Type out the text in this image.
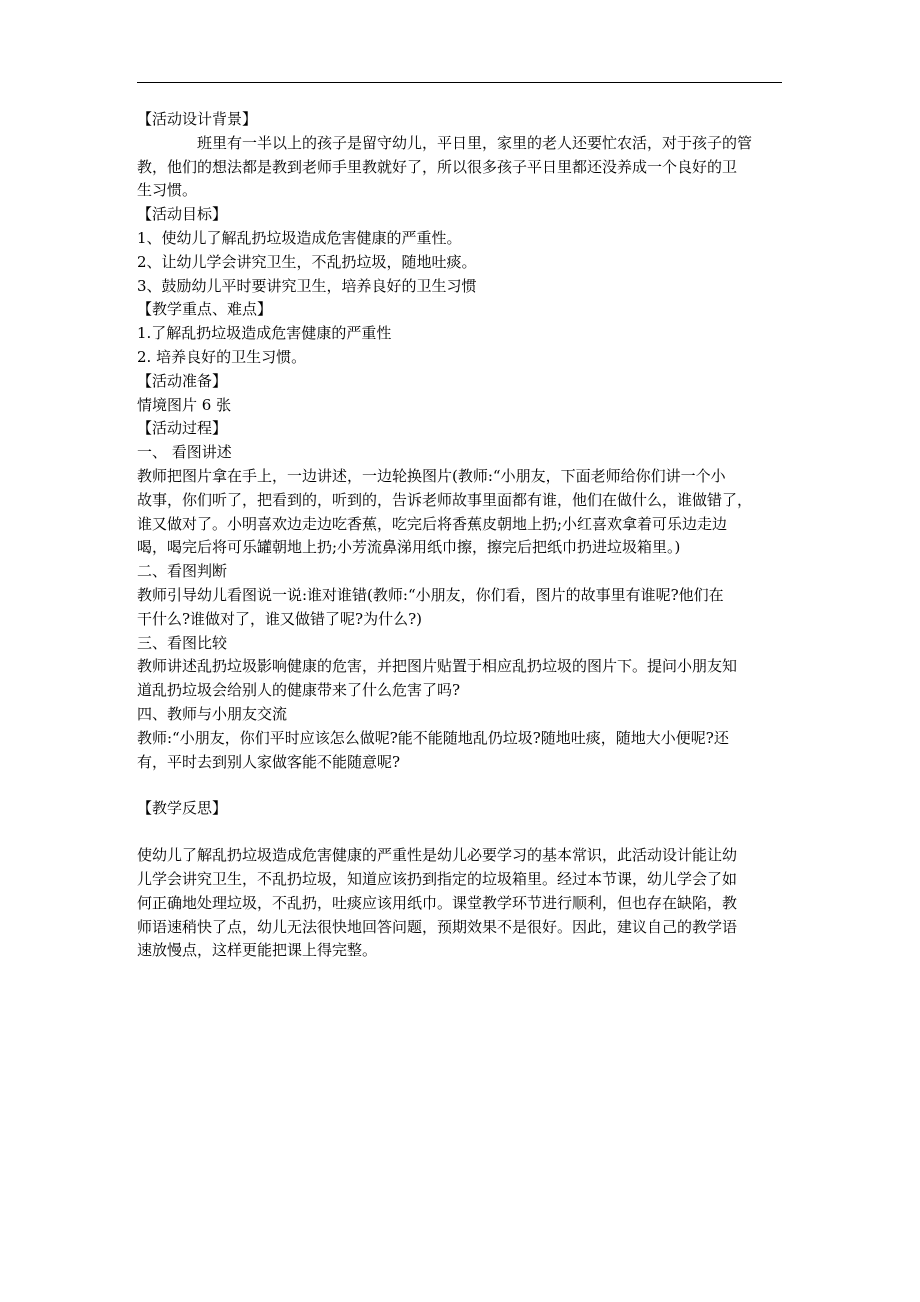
【活动设计背景】
班里有一半以上的孩子是留守幼儿，平日里，家里的老人还要忙农活，对于孩子的管
教，他们的想法都是教到老师手里教就好了，所以很多孩子平日里都还没养成一个良好的卫
生习惯。
【活动目标】
1、使幼儿了解乱扔垃圾造成危害健康的严重性。
2、让幼儿学会讲究卫生，不乱扔垃圾，随地吐痰。
3、鼓励幼儿平时要讲究卫生，培养良好的卫生习惯
【教学重点、难点】
1.了解乱扔垃圾造成危害健康的严重性
2. 培养良好的卫生习惯。
【活动准备】
情境图片 6 张
【活动过程】
一、 看图讲述
教师把图片拿在手上，一边讲述，一边轮换图片(教师:“小朋友，下面老师给你们讲一个小
故事，你们听了，把看到的，听到的，告诉老师故事里面都有谁，他们在做什么，谁做错了，
谁又做对了。小明喜欢边走边吃香蕉，吃完后将香蕉皮朝地上扔;小红喜欢拿着可乐边走边
喝，喝完后将可乐罐朝地上扔;小芳流鼻涕用纸巾擦，擦完后把纸巾扔进垃圾箱里。)
二、看图判断
教师引导幼儿看图说一说:谁对谁错(教师:“小朋友，你们看，图片的故事里有谁呢?他们在
干什么?谁做对了，谁又做错了呢?为什么?)
三、看图比较
教师讲述乱扔垃圾影响健康的危害，并把图片贴置于相应乱扔垃圾的图片下。提问小朋友知
道乱扔垃圾会给别人的健康带来了什么危害了吗?
四、教师与小朋友交流
教师:“小朋友，你们平时应该怎么做呢?能不能随地乱仍垃圾?随地吐痰，随地大小便呢?还
有，平时去到别人家做客能不能随意呢?
【教学反思】
使幼儿了解乱扔垃圾造成危害健康的严重性是幼儿必要学习的基本常识，此活动设计能让幼
儿学会讲究卫生，不乱扔垃圾，知道应该扔到指定的垃圾箱里。经过本节课，幼儿学会了如
何正确地处理垃圾，不乱扔，吐痰应该用纸巾。课堂教学环节进行顺利，但也存在缺陷，教
师语速稍快了点，幼儿无法很快地回答问题，预期效果不是很好。因此，建议自己的教学语
速放慢点，这样更能把课上得完整。
